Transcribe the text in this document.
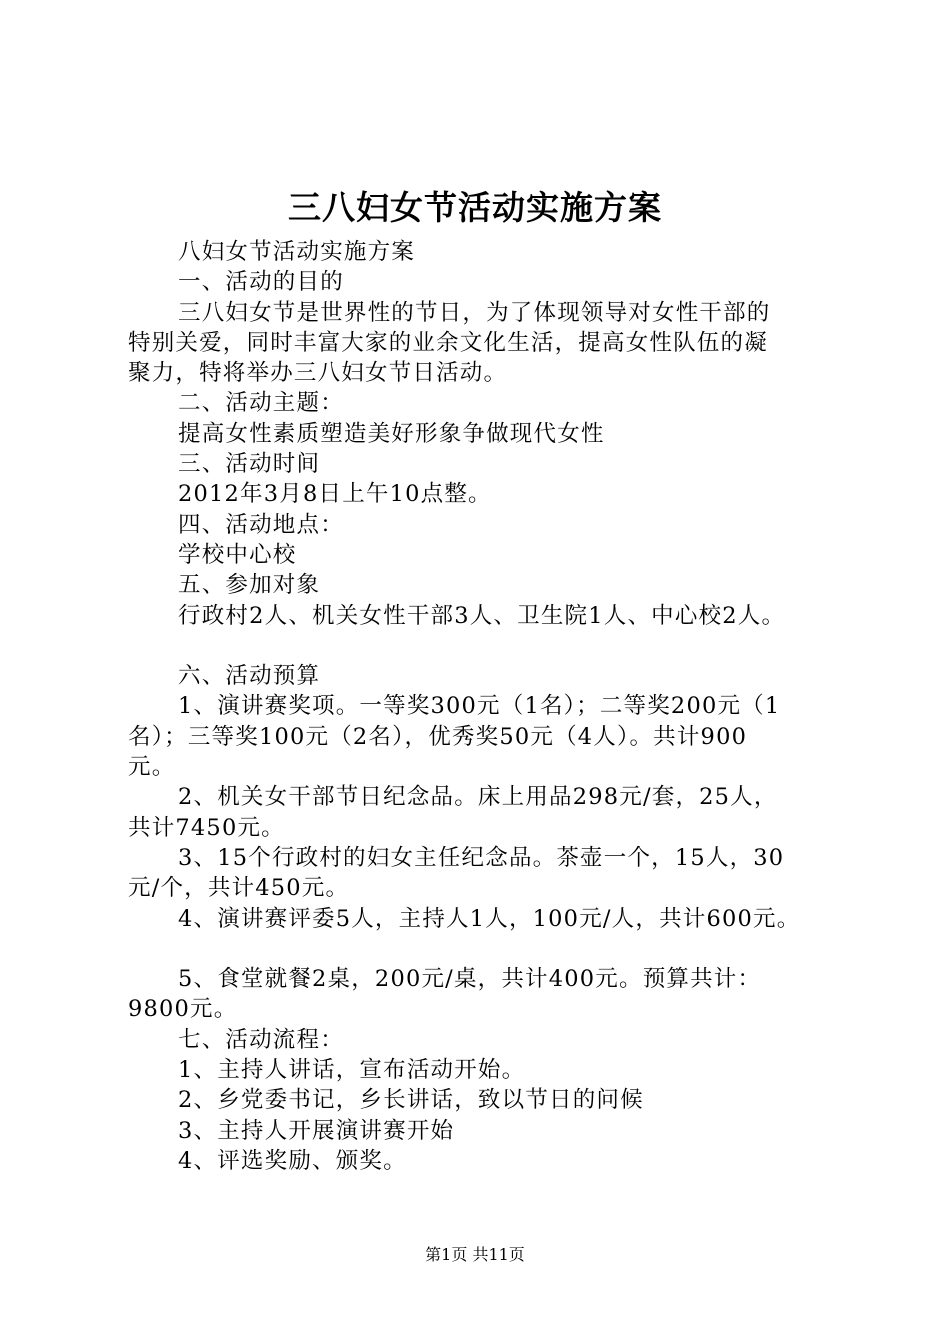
三八妇女节活动实施方案

八妇女节活动实施方案

一、活动的目的

三八妇女节是世界性的节日，为了体现领导对女性干部的

特别关爱，同时丰富大家的业余文化生活，提高女性队伍的凝

聚力，特将举办三八妇女节日活动。

二、活动主题：

提高女性素质塑造美好形象争做现代女性

三、活动时间

2012年3月8日上午10点整。

四、活动地点：

学校中心校

五、参加对象

行政村2人、机关女性干部3人、卫生院1人、中心校2人。

六、活动预算

1、演讲赛奖项。一等奖300元（1名）；二等奖200元（1

名）；三等奖100元（2名），优秀奖50元（4人）。共计900

元。

2、机关女干部节日纪念品。床上用品298元/套，25人，

共计7450元。

3、15个行政村的妇女主任纪念品。茶壶一个，15人，30

元/个，共计450元。

4、演讲赛评委5人，主持人1人，100元/人，共计600元。

5、食堂就餐2桌，200元/桌，共计400元。预算共计：

9800元。

七、活动流程：

1、主持人讲话，宣布活动开始。

2、乡党委书记，乡长讲话，致以节日的问候

3、主持人开展演讲赛开始

4、评选奖励、颁奖。

第1页 共11页
